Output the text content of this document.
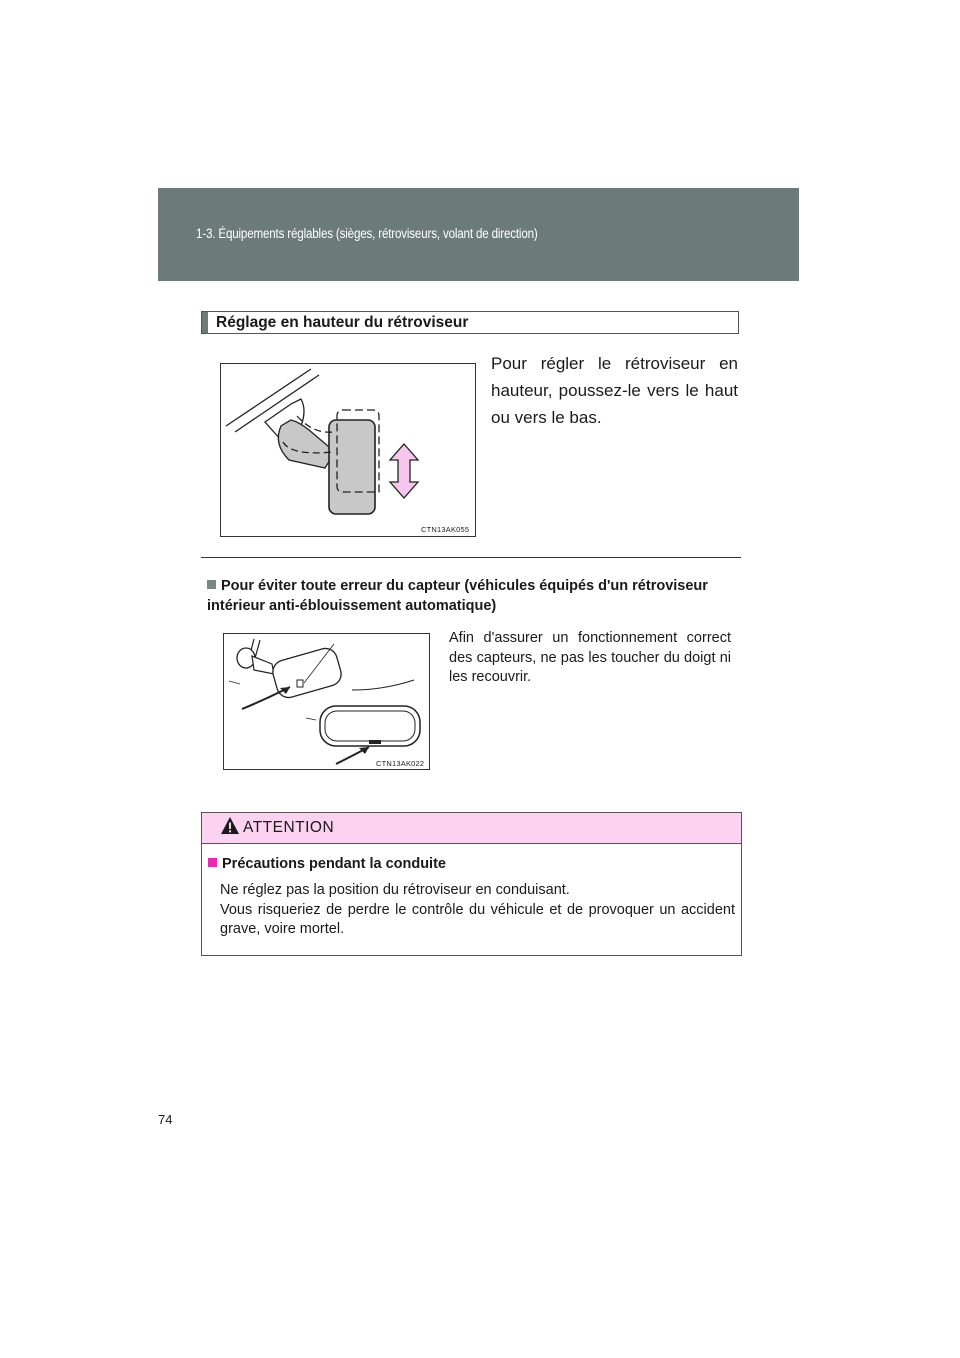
1-3. Équipements réglables (sièges, rétroviseurs, volant de direction)
Réglage en hauteur du rétroviseur
CTN13AK055
Pour régler le rétroviseur en hauteur, poussez-le vers le haut ou vers le bas.
Pour éviter toute erreur du capteur (véhicules équipés d'un rétroviseur intérieur anti-éblouissement automatique)
CTN13AK022
Afin d'assurer un fonctionnement correct des capteurs, ne pas les toucher du doigt ni les recouvrir.
ATTENTION
Précautions pendant la conduite
Ne réglez pas la position du rétroviseur en conduisant.
Vous risqueriez de perdre le contrôle du véhicule et de provoquer un accident grave, voire mortel.
74
